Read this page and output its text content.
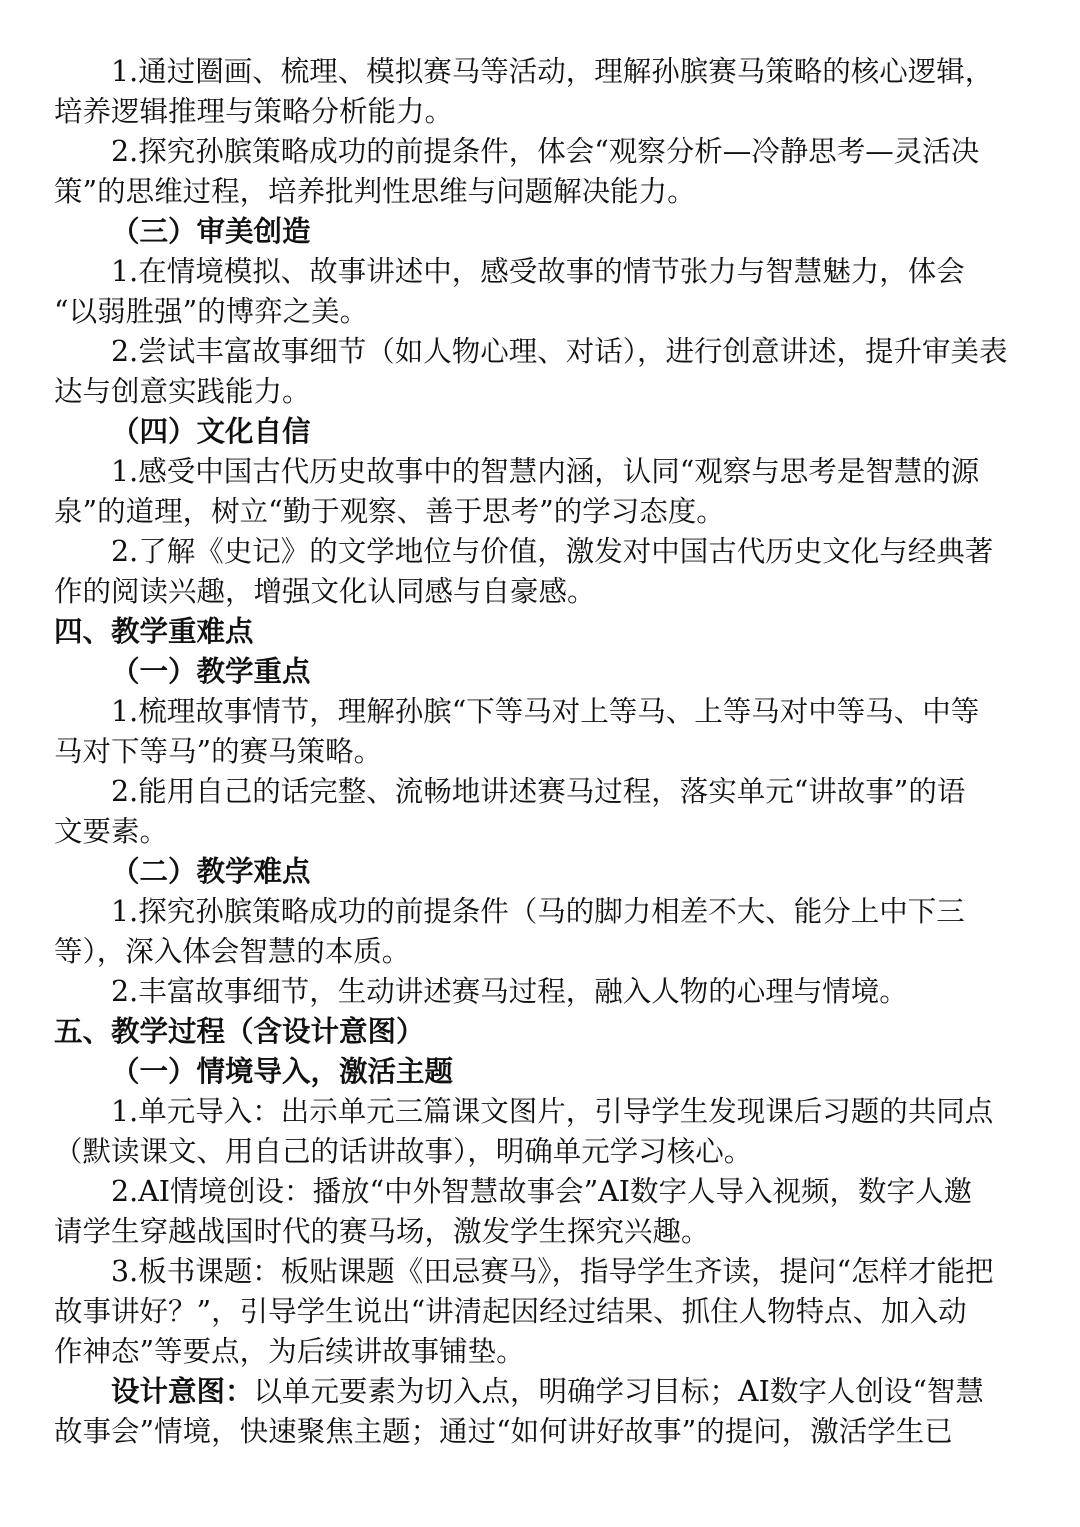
1.通过圈画、梳理、模拟赛马等活动，理解孙膑赛马策略的核心逻辑，
培养逻辑推理与策略分析能力。
2.探究孙膑策略成功的前提条件，体会“观察分析—冷静思考—灵活决
策”的思维过程，培养批判性思维与问题解决能力。
（三）审美创造
1.在情境模拟、故事讲述中，感受故事的情节张力与智慧魅力，体会
“以弱胜强”的博弈之美。
2.尝试丰富故事细节（如人物心理、对话），进行创意讲述，提升审美表
达与创意实践能力。
（四）文化自信
1.感受中国古代历史故事中的智慧内涵，认同“观察与思考是智慧的源
泉”的道理，树立“勤于观察、善于思考”的学习态度。
2.了解《史记》的文学地位与价值，激发对中国古代历史文化与经典著
作的阅读兴趣，增强文化认同感与自豪感。
四、教学重难点
（一）教学重点
1.梳理故事情节，理解孙膑“下等马对上等马、上等马对中等马、中等
马对下等马”的赛马策略。
2.能用自己的话完整、流畅地讲述赛马过程，落实单元“讲故事”的语
文要素。
（二）教学难点
1.探究孙膑策略成功的前提条件（马的脚力相差不大、能分上中下三
等），深入体会智慧的本质。
2.丰富故事细节，生动讲述赛马过程，融入人物的心理与情境。
五、教学过程（含设计意图）
（一）情境导入，激活主题
1.单元导入：出示单元三篇课文图片，引导学生发现课后习题的共同点
（默读课文、用自己的话讲故事），明确单元学习核心。
2.AI情境创设：播放“中外智慧故事会”AI数字人导入视频，数字人邀
请学生穿越战国时代的赛马场，激发学生探究兴趣。
3.板书课题：板贴课题《田忌赛马》，指导学生齐读，提问“怎样才能把
故事讲好？”，引导学生说出“讲清起因经过结果、抓住人物特点、加入动
作神态”等要点，为后续讲故事铺垫。
设计意图：以单元要素为切入点，明确学习目标；AI数字人创设“智慧
故事会”情境，快速聚焦主题；通过“如何讲好故事”的提问，激活学生已
